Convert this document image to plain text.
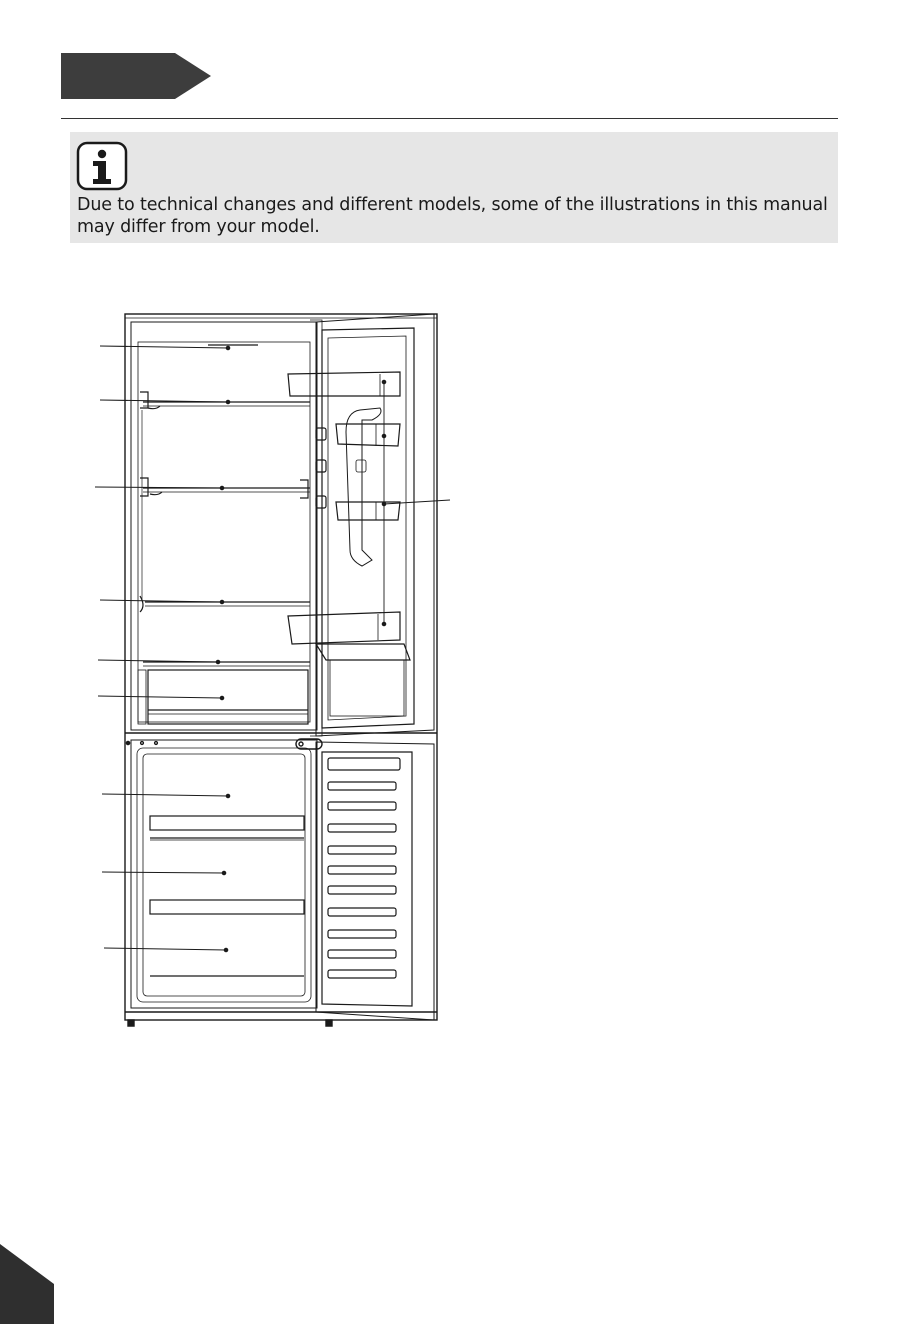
Due to technical changes and different models, some of the illustrations in this manual may differ from your model.
